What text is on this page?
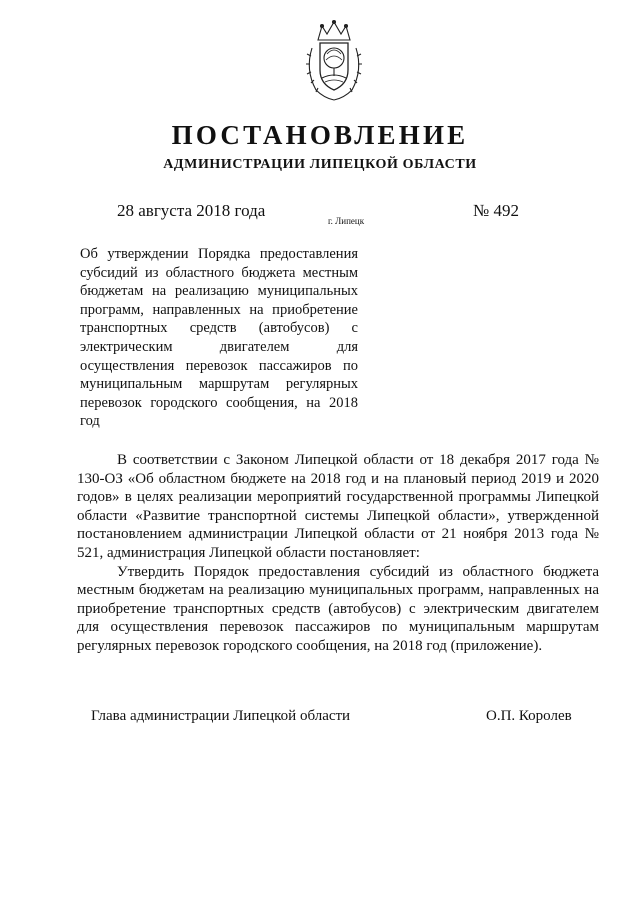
ПОСТАНОВЛЕНИЕ
АДМИНИСТРАЦИИ ЛИПЕЦКОЙ ОБЛАСТИ
28 августа 2018 года
г. Липецк
№ 492

Об утверждении Порядка предоставления субсидий из областного бюджета местным бюджетам на реализацию муниципальных программ, направленных на приобретение транспортных средств (автобусов) с электрическим двигателем для осуществления перевозок пассажиров по муниципальным маршрутам регулярных перевозок городского сообщения, на 2018 год

В соответствии с Законом Липецкой области от 18 декабря 2017 года № 130-ОЗ «Об областном бюджете на 2018 год и на плановый период 2019 и 2020 годов» в целях реализации мероприятий государственной программы Липецкой области «Развитие транспортной системы Липецкой области», утвержденной постановлением администрации Липецкой области от 21 ноября 2013 года № 521, администрация Липецкой области постановляет:

Утвердить Порядок предоставления субсидий из областного бюджета местным бюджетам на реализацию муниципальных программ, направленных на приобретение транспортных средств (автобусов) с электрическим двигателем для осуществления перевозок пассажиров по муниципальным маршрутам регулярных перевозок городского сообщения, на 2018 год (приложение).

Глава администрации Липецкой области	О.П. Королев
